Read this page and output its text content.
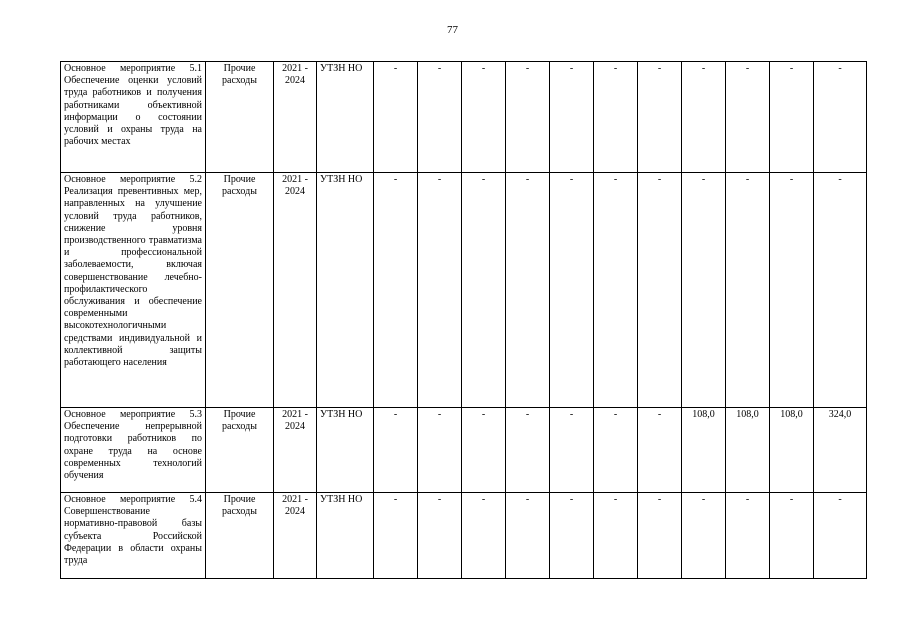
77
Основное мероприятие 5.1 Обеспечение оценки условий труда работников и получения работниками объективной информации о состоянии условий и охраны труда на рабочих местах	Прочие расходы	2021 - 2024	УТЗН НО	-	-	-	-	-	-	-	-	-	-	-
Основное мероприятие 5.2 Реализация превентивных мер, направленных на улучшение условий труда работников, снижение уровня производственного травматизма и профессиональной заболеваемости, включая совершенствование лечебно-профилактического обслуживания и обеспечение современными высокотехнологичными средствами индивидуальной и коллективной защиты работающего населения	Прочие расходы	2021 - 2024	УТЗН НО	-	-	-	-	-	-	-	-	-	-	-
Основное мероприятие 5.3 Обеспечение непрерывной подготовки работников по охране труда на основе современных технологий обучения	Прочие расходы	2021 - 2024	УТЗН НО	-	-	-	-	-	-	-	108,0	108,0	108,0	324,0
Основное мероприятие 5.4 Совершенствование нормативно-правовой базы субъекта Российской Федерации в области охраны труда	Прочие расходы	2021 - 2024	УТЗН НО	-	-	-	-	-	-	-	-	-	-	-
